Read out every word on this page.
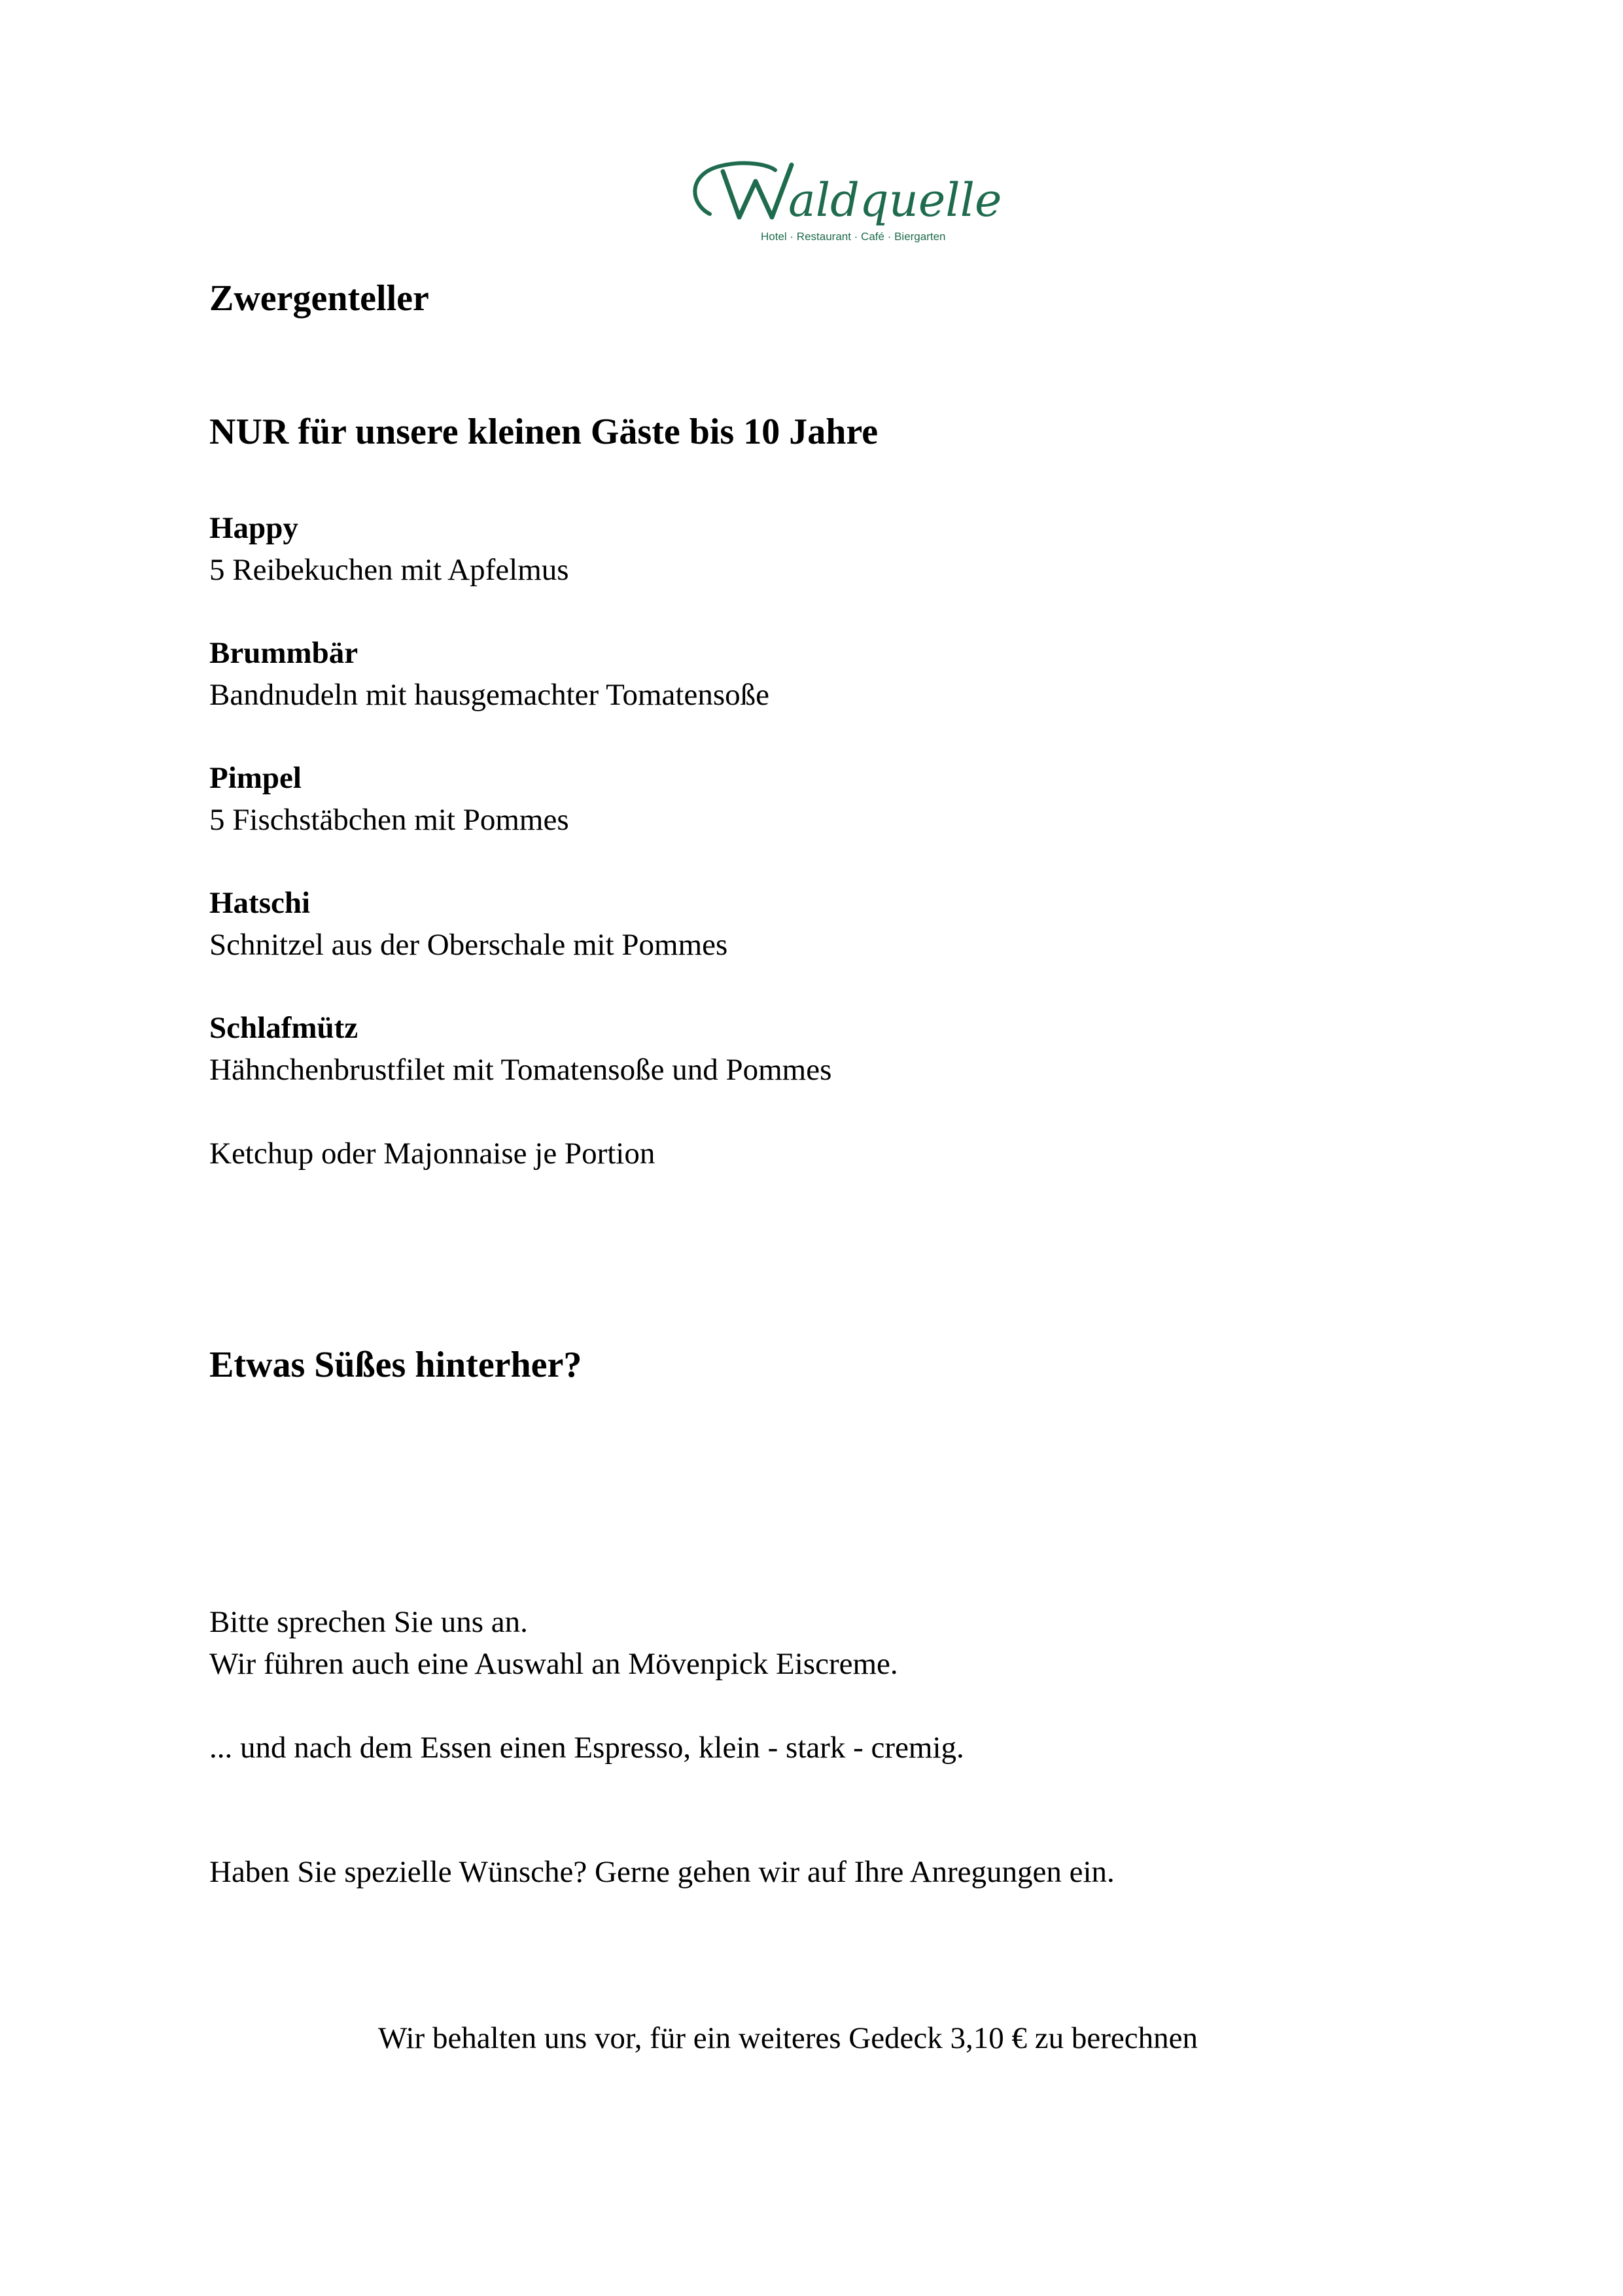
aldquelle
Hotel · Restaurant · Café · Biergarten
Zwergenteller
NUR für unsere kleinen Gäste bis 10 Jahre
Happy
5 Reibekuchen mit Apfelmus
Brummbär
Bandnudeln mit hausgemachter Tomatensoße
Pimpel
5 Fischstäbchen mit Pommes
Hatschi
Schnitzel aus der Oberschale mit Pommes
Schlafmütz
Hähnchenbrustfilet mit Tomatensoße und Pommes
Ketchup oder Majonnaise je Portion
Etwas Süßes hinterher?
Bitte sprechen Sie uns an.
Wir führen auch eine Auswahl an Mövenpick Eiscreme.
... und nach dem Essen einen Espresso, klein - stark - cremig.
Haben Sie spezielle Wünsche? Gerne gehen wir auf Ihre Anregungen ein.
Wir behalten uns vor, für ein weiteres Gedeck 3,10 € zu berechnen
